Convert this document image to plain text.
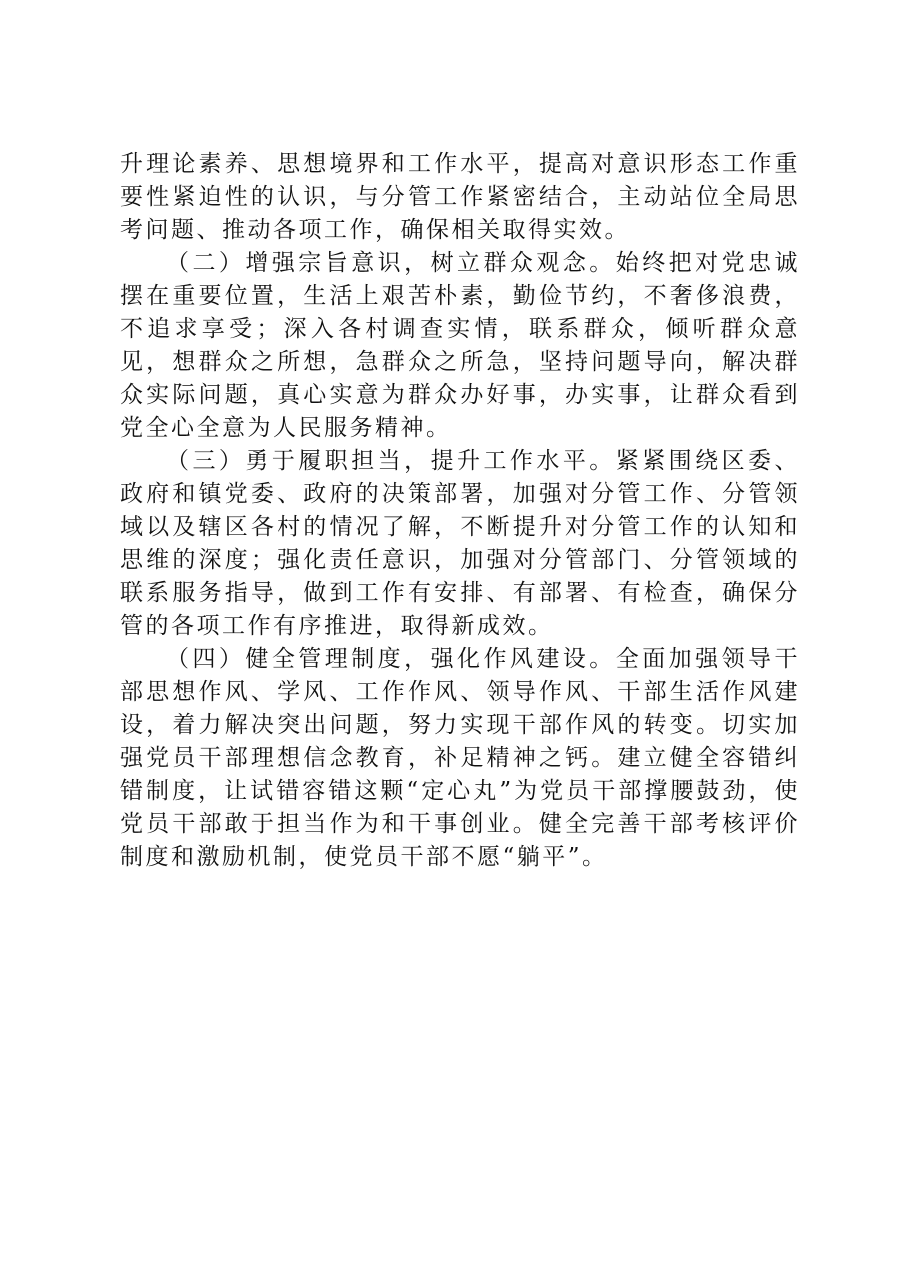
升理论素养、思想境界和工作水平，提高对意识形态工作重要性紧迫性的认识，与分管工作紧密结合，主动站位全局思考问题、推动各项工作，确保相关取得实效。

（二）增强宗旨意识，树立群众观念。始终把对党忠诚摆在重要位置，生活上艰苦朴素，勤俭节约，不奢侈浪费，不追求享受；深入各村调查实情，联系群众，倾听群众意见，想群众之所想，急群众之所急，坚持问题导向，解决群众实际问题，真心实意为群众办好事，办实事，让群众看到党全心全意为人民服务精神。

（三）勇于履职担当，提升工作水平。紧紧围绕区委、政府和镇党委、政府的决策部署，加强对分管工作、分管领域以及辖区各村的情况了解，不断提升对分管工作的认知和思维的深度；强化责任意识，加强对分管部门、分管领域的联系服务指导，做到工作有安排、有部署、有检查，确保分管的各项工作有序推进，取得新成效。

（四）健全管理制度，强化作风建设。全面加强领导干部思想作风、学风、工作作风、领导作风、干部生活作风建设，着力解决突出问题，努力实现干部作风的转变。切实加强党员干部理想信念教育，补足精神之钙。建立健全容错纠错制度，让试错容错这颗“定心丸”为党员干部撑腰鼓劲，使党员干部敢于担当作为和干事创业。健全完善干部考核评价制度和激励机制，使党员干部不愿“躺平”。
